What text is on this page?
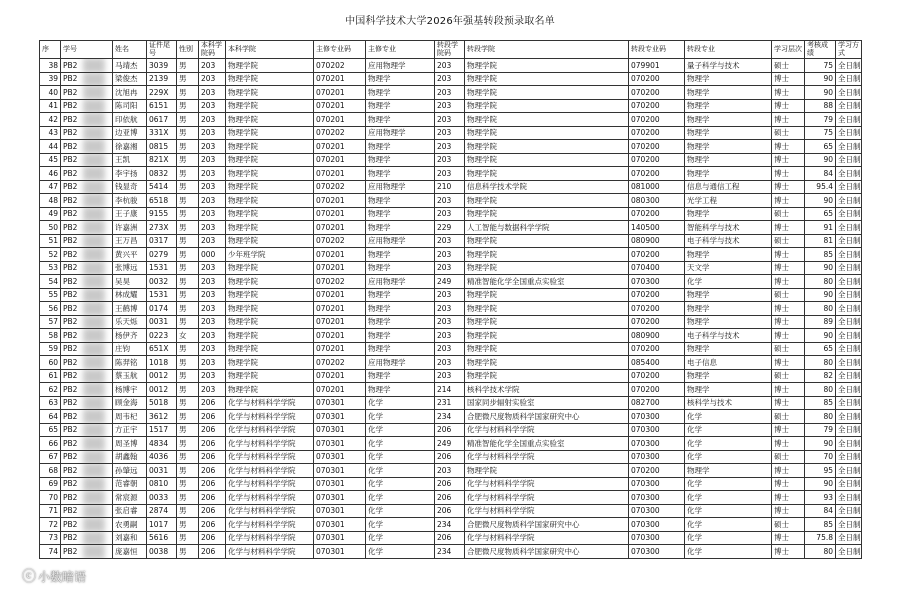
中国科学技术大学2026年强基转段预录取名单
序	学号	姓名	证件尾号	性别	本科学院码	本科学院	主修专业码	主修专业	转段学院码	转段学院	转段专业码	转段专业	学习层次	考核成绩	学习方式
38	PB2	马靖杰	3039	男	203	物理学院	070202	应用物理学	203	物理学院	079901	量子科学与技术	硕士	75	全日制
39	PB2	梁俊杰	2139	男	203	物理学院	070201	物理学	203	物理学院	070200	物理学	博士	90	全日制
40	PB2	沈旭冉	229X	男	203	物理学院	070201	物理学	203	物理学院	070200	物理学	博士	90	全日制
41	PB2	陈司阳	6151	男	203	物理学院	070201	物理学	203	物理学院	070200	物理学	博士	88	全日制
42	PB2	印依航	0617	男	203	物理学院	070201	物理学	203	物理学院	070200	物理学	博士	79	全日制
43	PB2	边亚博	331X	男	203	物理学院	070202	应用物理学	203	物理学院	070200	物理学	硕士	75	全日制
44	PB2	徐嘉湘	0815	男	203	物理学院	070201	物理学	203	物理学院	070200	物理学	博士	65	全日制
45	PB2	王凯	821X	男	203	物理学院	070201	物理学	203	物理学院	070200	物理学	博士	90	全日制
46	PB2	李宇扬	0832	男	203	物理学院	070201	物理学	203	物理学院	070200	物理学	博士	84	全日制
47	PB2	钱显奇	5414	男	203	物理学院	070202	应用物理学	210	信息科学技术学院	081000	信息与通信工程	博士	95.4	全日制
48	PB2	李杭骏	6518	男	203	物理学院	070201	物理学	203	物理学院	080300	光学工程	博士	90	全日制
49	PB2	王子康	9155	男	203	物理学院	070201	物理学	203	物理学院	070200	物理学	硕士	65	全日制
50	PB2	许嘉洲	273X	男	203	物理学院	070201	物理学	229	人工智能与数据科学学院	140500	智能科学与技术	博士	91	全日制
51	PB2	王万昌	0317	男	203	物理学院	070202	应用物理学	203	物理学院	080900	电子科学与技术	硕士	81	全日制
52	PB2	黄兴平	0279	男	000	少年班学院	070201	物理学	203	物理学院	070200	物理学	博士	85	全日制
53	PB2	张博远	1531	男	203	物理学院	070201	物理学	203	物理学院	070400	天文学	博士	90	全日制
54	PB2	吴昊	0032	男	203	物理学院	070202	应用物理学	249	精准智能化学全国重点实验室	070300	化学	博士	80	全日制
55	PB2	林成耀	1531	男	203	物理学院	070201	物理学	203	物理学院	070200	物理学	硕士	90	全日制
56	PB2	王鹤博	0174	男	203	物理学院	070201	物理学	203	物理学院	070200	物理学	博士	80	全日制
57	PB2	乐天烁	0031	男	203	物理学院	070201	物理学	203	物理学院	070200	物理学	博士	89	全日制
58	PB2	杨伊齐	0223	女	203	物理学院	070201	物理学	203	物理学院	080900	电子科学与技术	博士	90	全日制
59	PB2	庄钧	651X	男	203	物理学院	070201	物理学	203	物理学院	070200	物理学	硕士	65	全日制
60	PB2	陈羿铭	1018	男	203	物理学院	070202	应用物理学	203	物理学院	085400	电子信息	博士	80	全日制
61	PB2	蔡玉航	0012	男	203	物理学院	070201	物理学	203	物理学院	070200	物理学	硕士	82	全日制
62	PB2	杨博宇	0012	男	203	物理学院	070201	物理学	214	核科学技术学院	070200	物理学	博士	80	全日制
63	PB2	顾金海	5018	男	206	化学与材料科学学院	070301	化学	231	国家同步辐射实验室	082700	核科学与技术	博士	85	全日制
64	PB2	周韦杞	3612	男	206	化学与材料科学学院	070301	化学	234	合肥微尺度物质科学国家研究中心	070300	化学	硕士	80	全日制
65	PB2	方正宇	1517	男	206	化学与材料科学学院	070301	化学	206	化学与材料科学学院	070300	化学	博士	79	全日制
66	PB2	周圣博	4834	男	206	化学与材料科学学院	070301	化学	249	精准智能化学全国重点实验室	070300	化学	博士	90	全日制
67	PB2	胡鑫翰	4036	男	206	化学与材料科学学院	070301	化学	206	化学与材料科学学院	070300	化学	硕士	70	全日制
68	PB2	孙肇远	0031	男	206	化学与材料科学学院	070301	化学	203	物理学院	070200	物理学	博士	95	全日制
69	PB2	范睿朝	0810	男	206	化学与材料科学学院	070301	化学	206	化学与材料科学学院	070300	化学	博士	90	全日制
70	PB2	常宸源	0033	男	206	化学与材料科学学院	070301	化学	206	化学与材料科学学院	070300	化学	博士	93	全日制
71	PB2	张启睿	2874	男	206	化学与材料科学学院	070301	化学	206	化学与材料科学学院	070300	化学	博士	84	全日制
72	PB2	农勇嗣	1017	男	206	化学与材料科学学院	070301	化学	234	合肥微尺度物质科学国家研究中心	070300	化学	硕士	85	全日制
73	PB2	刘嘉和	5616	男	206	化学与材料科学学院	070301	化学	206	化学与材料科学学院	070300	化学	博士	75.8	全日制
74	PB2	庞嘉恒	0038	男	206	化学与材料科学学院	070301	化学	234	合肥微尺度物质科学国家研究中心	070300	化学	博士	80	全日制
ⓒ 小数暗语
